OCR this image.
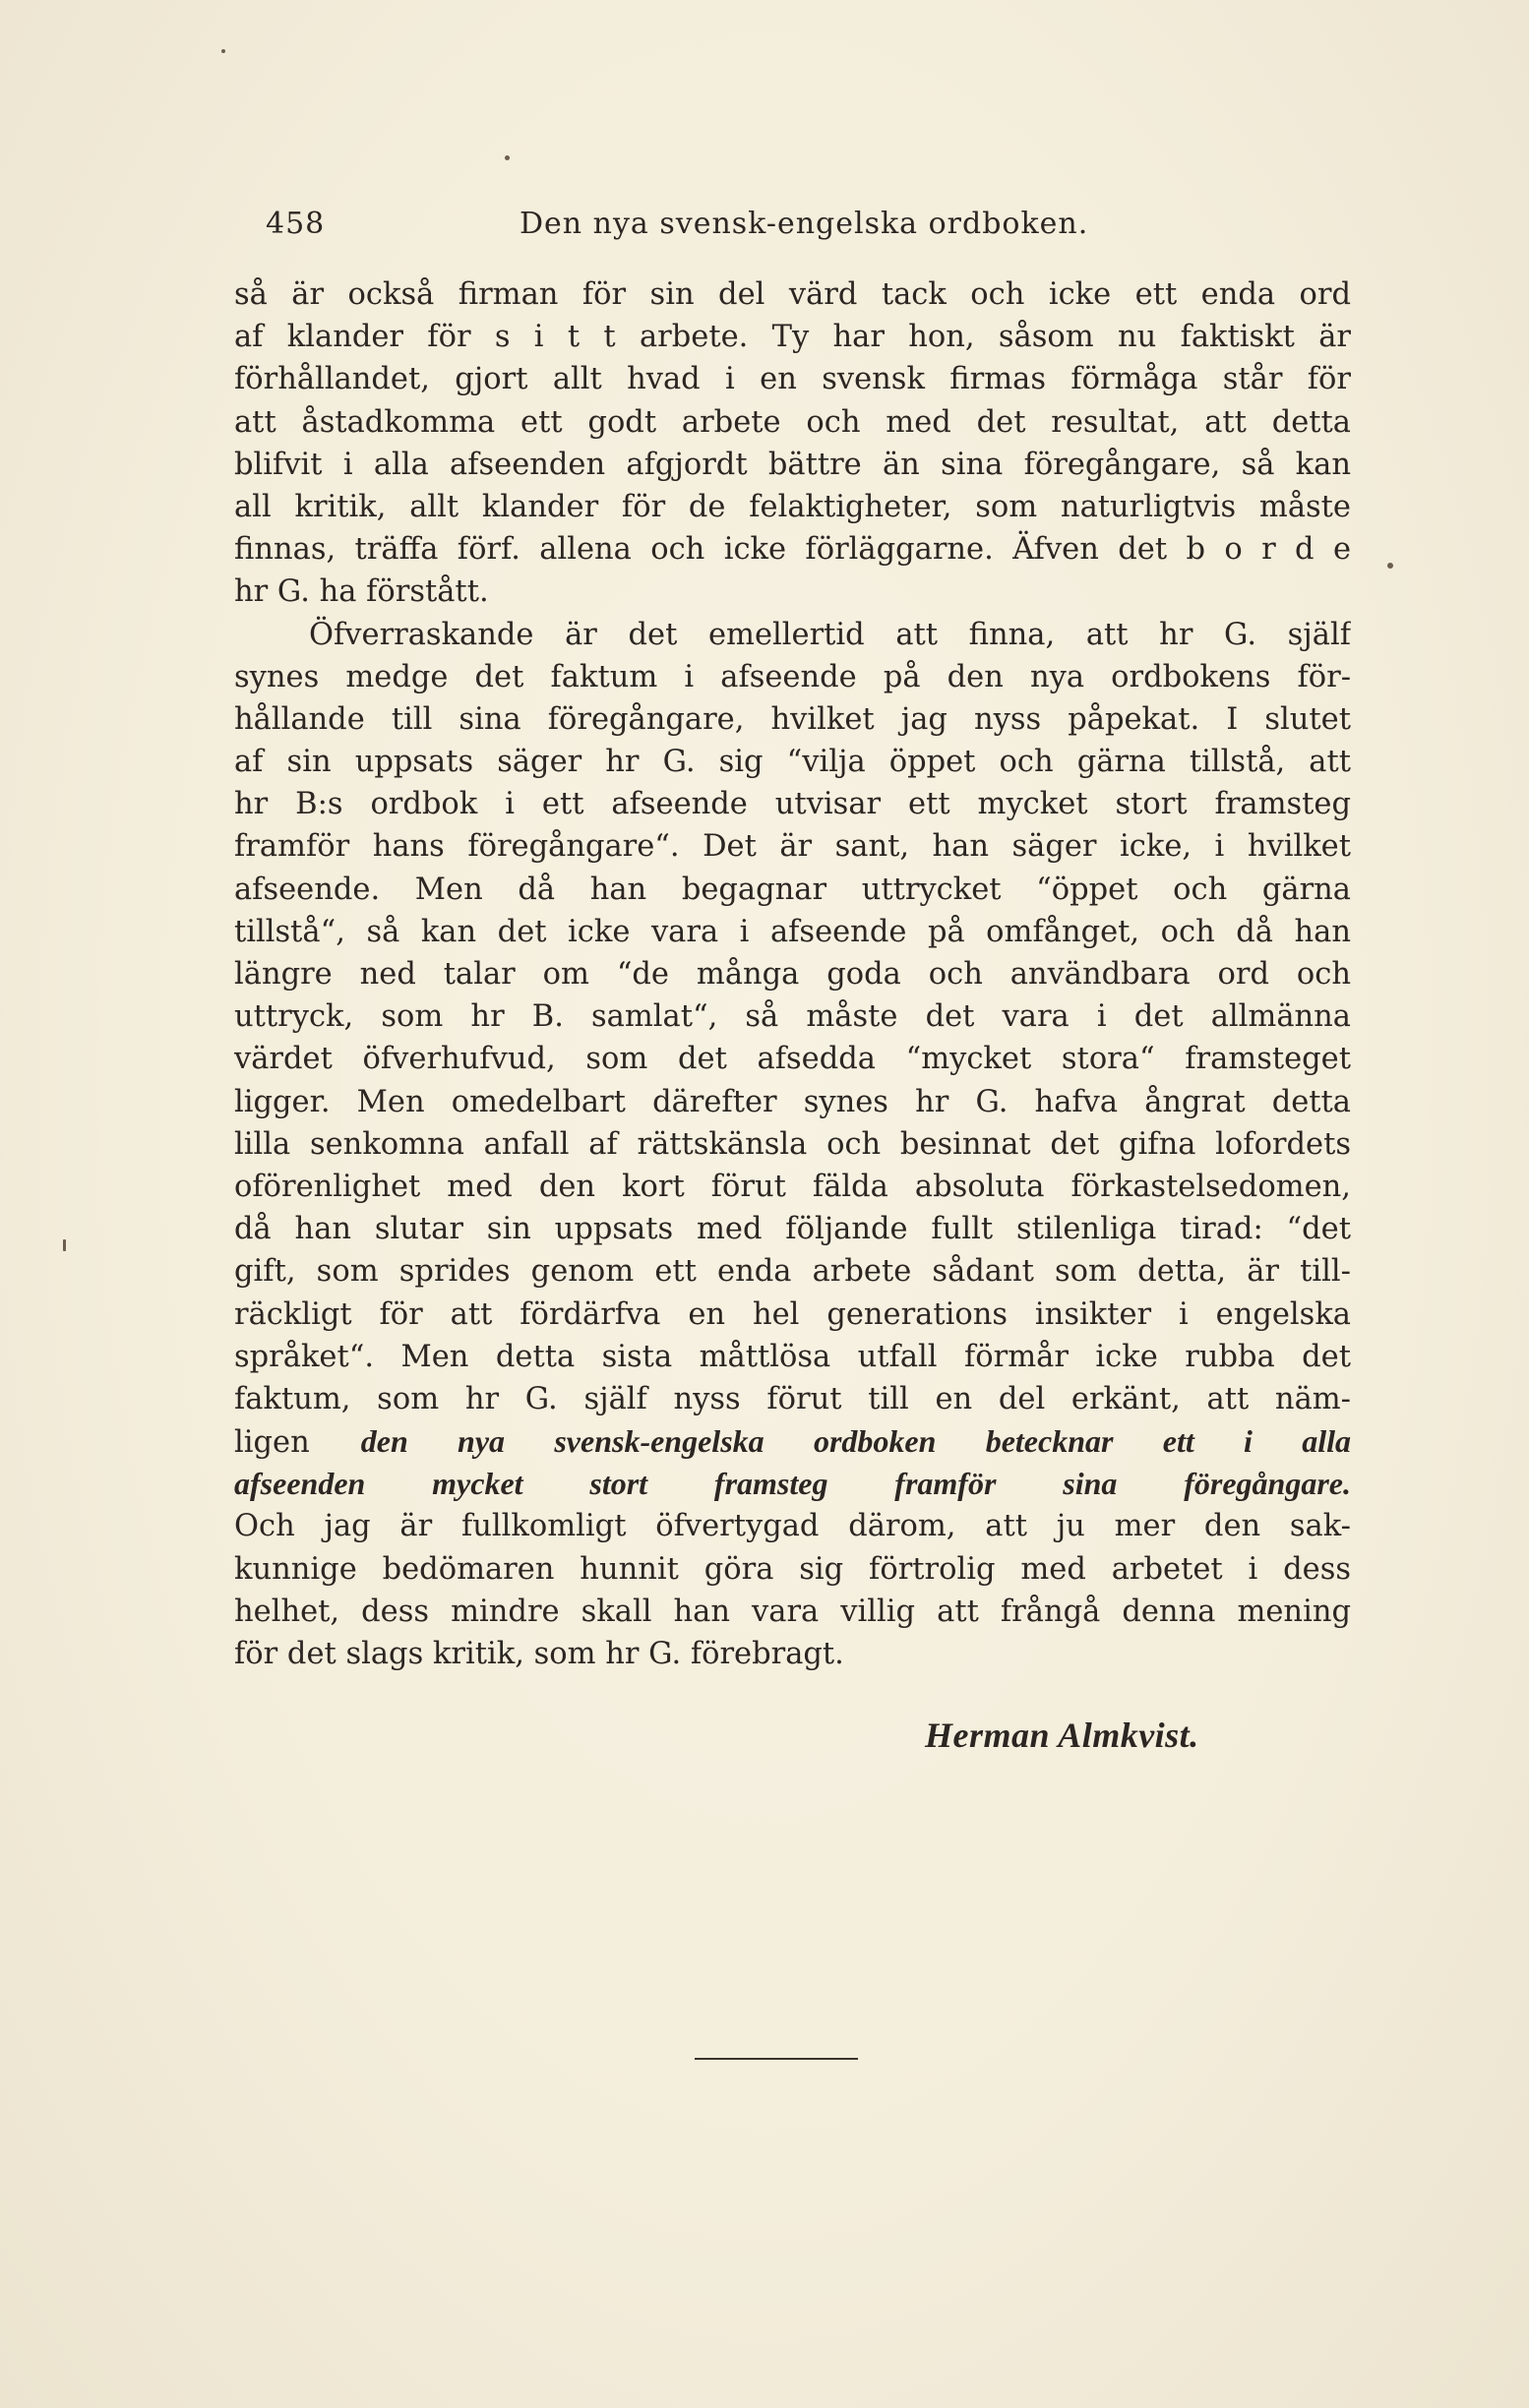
458	Den nya svensk-engelska ordboken.
så är också firman för sin del värd tack och icke ett enda ord
af klander för s i t t arbete. Ty har hon, såsom nu faktiskt är
förhållandet, gjort allt hvad i en svensk firmas förmåga står för
att åstadkomma ett godt arbete och med det resultat, att detta
blifvit i alla afseenden afgjordt bättre än sina föregångare, så kan
all kritik, allt klander för de felaktigheter, som naturligtvis måste
finnas, träffa förf. allena och icke förläggarne. Äfven det b o r d e
hr G. ha förstått.
Öfverraskande är det emellertid att finna, att hr G. själf
synes medge det faktum i afseende på den nya ordbokens för-
hållande till sina föregångare, hvilket jag nyss påpekat. I slutet
af sin uppsats säger hr G. sig “vilja öppet och gärna tillstå, att
hr B:s ordbok i ett afseende utvisar ett mycket stort framsteg
framför hans föregångare“. Det är sant, han säger icke, i hvilket
afseende. Men då han begagnar uttrycket “öppet och gärna
tillstå“, så kan det icke vara i afseende på omfånget, och då han
längre ned talar om “de många goda och användbara ord och
uttryck, som hr B. samlat“, så måste det vara i det allmänna
värdet öfverhufvud, som det afsedda “mycket stora“ framsteget
ligger. Men omedelbart därefter synes hr G. hafva ångrat detta
lilla senkomna anfall af rättskänsla och besinnat det gifna lofordets
oförenlighet med den kort förut fälda absoluta förkastelsedomen,
då han slutar sin uppsats med följande fullt stilenliga tirad: “det
gift, som sprides genom ett enda arbete sådant som detta, är till-
räckligt för att fördärfva en hel generations insikter i engelska
språket“. Men detta sista måttlösa utfall förmår icke rubba det
faktum, som hr G. själf nyss förut till en del erkänt, att näm-
ligen den nya svensk-engelska ordboken betecknar ett i alla
afseenden mycket stort framsteg framför sina föregångare.
Och jag är fullkomligt öfvertygad därom, att ju mer den sak-
kunnige bedömaren hunnit göra sig förtrolig med arbetet i dess
helhet, dess mindre skall han vara villig att frångå denna mening
för det slags kritik, som hr G. förebragt.
Herman Almkvist.
